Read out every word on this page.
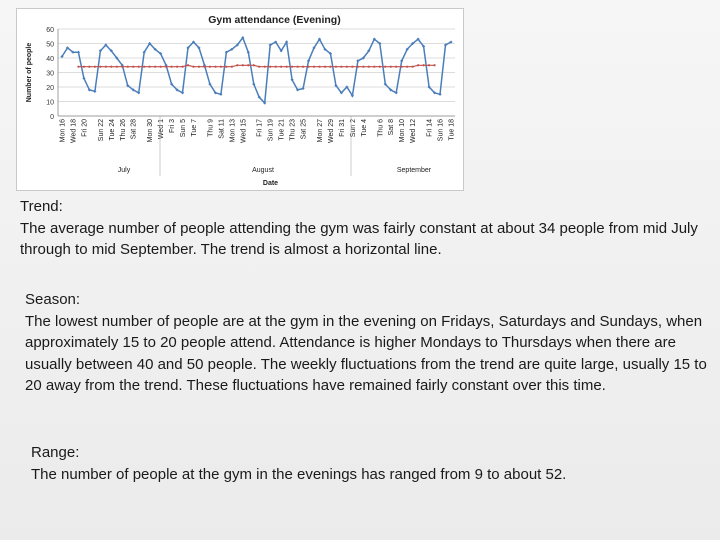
Gym attendance (Evening)
0
10
20
30
40
50
60
Number of people
Mon 16 Wed 18 Fri 20 Sun 22 Tue 24 Thu 26 Sat 28 Mon 30 Wed 1 Fri 3 Sun 5 Tue 7 Thu 9 Sat 11 Mon 13 Wed 15 Fri 17 Sun 19 Tue 21 Thu 23 Sat 25 Mon 27 Wed 29 Fri 31 Sun 2 Tue 4 Thu 6 Sat 8 Mon 10 Wed 12 Fri 14 Sun 16 Tue 18
July	August	September
Date
Trend:
The average number of people attending the gym was fairly constant at about 34 people from mid July through to mid September. The trend is almost a horizontal line.
Season:
The lowest number of people are at the gym in the evening on Fridays, Saturdays and Sundays, when approximately 15 to 20 people attend. Attendance is higher Mondays to Thursdays when there are usually between 40 and 50 people. The weekly fluctuations from the trend are quite large, usually 15 to 20 away from the trend. These fluctuations have remained fairly constant over this time.
Range:
The number of people at the gym in the evenings has ranged from 9 to about 52.
